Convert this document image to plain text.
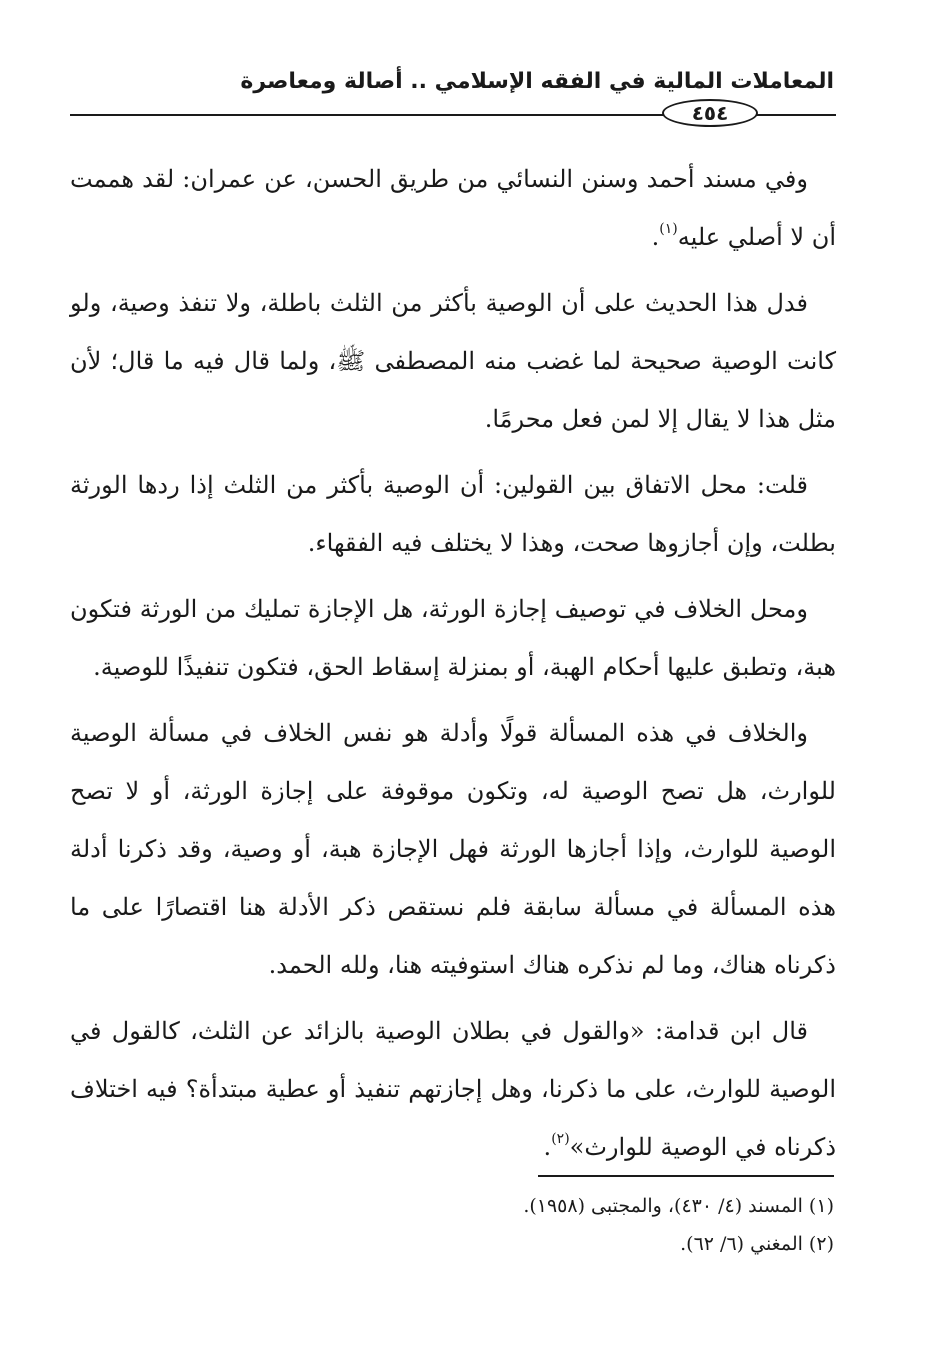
المعاملات المالية في الفقه الإسلامي .. أصالة ومعاصرة
٤٥٤

وفي مسند أحمد وسنن النسائي من طريق الحسن، عن عمران: لقد هممت أن لا أصلي عليه$^{(١)}$.

فدل هذا الحديث على أن الوصية بأكثر من الثلث باطلة، ولا تنفذ وصية، ولو كانت الوصية صحيحة لما غضب منه المصطفى ﷺ، ولما قال فيه ما قال؛ لأن مثل هذا لا يقال إلا لمن فعل محرمًا.

قلت: محل الاتفاق بين القولين: أن الوصية بأكثر من الثلث إذا ردها الورثة بطلت، وإن أجازوها صحت، وهذا لا يختلف فيه الفقهاء.

ومحل الخلاف في توصيف إجازة الورثة، هل الإجازة تمليك من الورثة فتكون هبة، وتطبق عليها أحكام الهبة، أو بمنزلة إسقاط الحق، فتكون تنفيذًا للوصية.

والخلاف في هذه المسألة قولًا وأدلة هو نفس الخلاف في مسألة الوصية للوارث، هل تصح الوصية له، وتكون موقوفة على إجازة الورثة، أو لا تصح الوصية للوارث، وإذا أجازها الورثة فهل الإجازة هبة، أو وصية، وقد ذكرنا أدلة هذه المسألة في مسألة سابقة فلم نستقص ذكر الأدلة هنا اقتصارًا على ما ذكرناه هناك، وما لم نذكره هناك استوفيته هنا، ولله الحمد.

قال ابن قدامة: «والقول في بطلان الوصية بالزائد عن الثلث، كالقول في الوصية للوارث، على ما ذكرنا، وهل إجازتهم تنفيذ أو عطية مبتدأة؟ فيه اختلاف ذكرناه في الوصية للوارث»$^{(٢)}$.

(١) المسند (٤/ ٤٣٠)، والمجتبى (١٩٥٨).
(٢) المغني (٦/ ٦٢).
